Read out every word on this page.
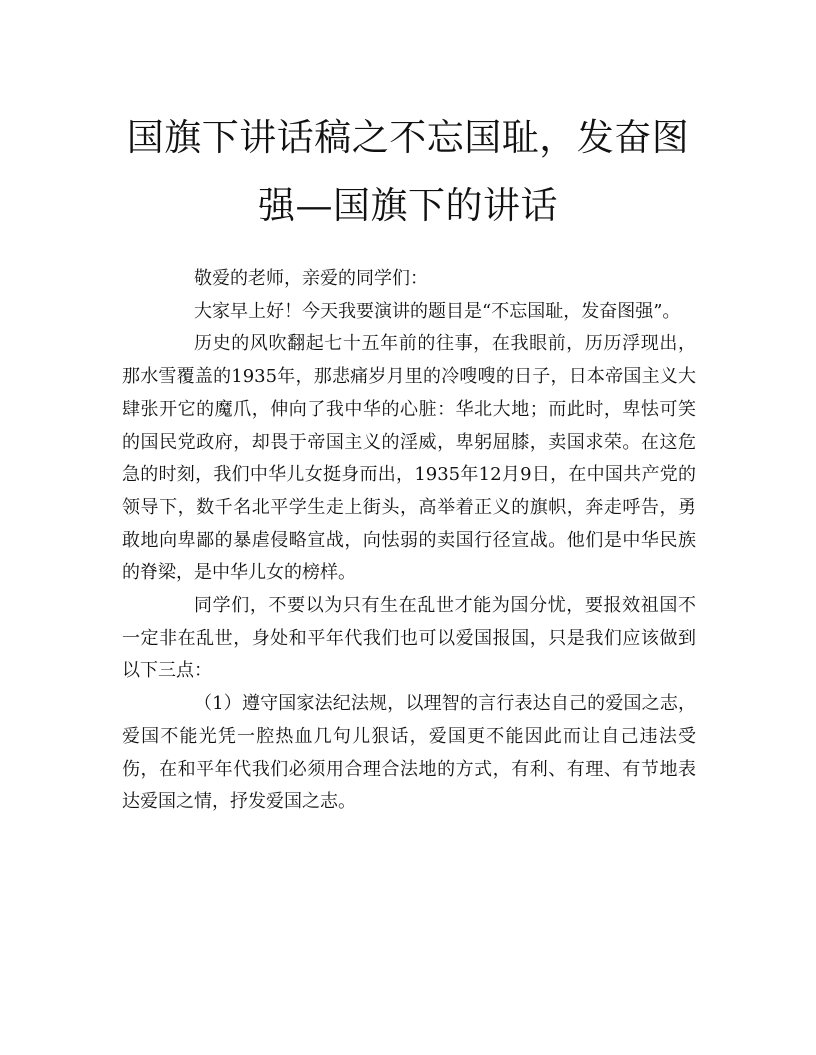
国旗下讲话稿之不忘国耻，发奋图强—国旗下的讲话

敬爱的老师，亲爱的同学们：

大家早上好！今天我要演讲的题目是“不忘国耻，发奋图强”。

历史的风吹翻起七十五年前的往事，在我眼前，历历浮现出，那水雪覆盖的1935年，那悲痛岁月里的冷嗖嗖的日子，日本帝国主义大肆张开它的魔爪，伸向了我中华的心脏：华北大地；而此时，卑怯可笑的国民党政府，却畏于帝国主义的淫威，卑躬屈膝，卖国求荣。在这危急的时刻，我们中华儿女挺身而出，1935年12月9日，在中国共产党的领导下，数千名北平学生走上街头，高举着正义的旗帜，奔走呼告，勇敢地向卑鄙的暴虐侵略宣战，向怯弱的卖国行径宣战。他们是中华民族的脊梁，是中华儿女的榜样。

同学们，不要以为只有生在乱世才能为国分忧，要报效祖国不一定非在乱世，身处和平年代我们也可以爱国报国，只是我们应该做到以下三点：

（1）遵守国家法纪法规，以理智的言行表达自己的爱国之志，爱国不能光凭一腔热血几句儿狠话，爱国更不能因此而让自己违法受伤，在和平年代我们必须用合理合法地的方式，有利、有理、有节地表达爱国之情，抒发爱国之志。
